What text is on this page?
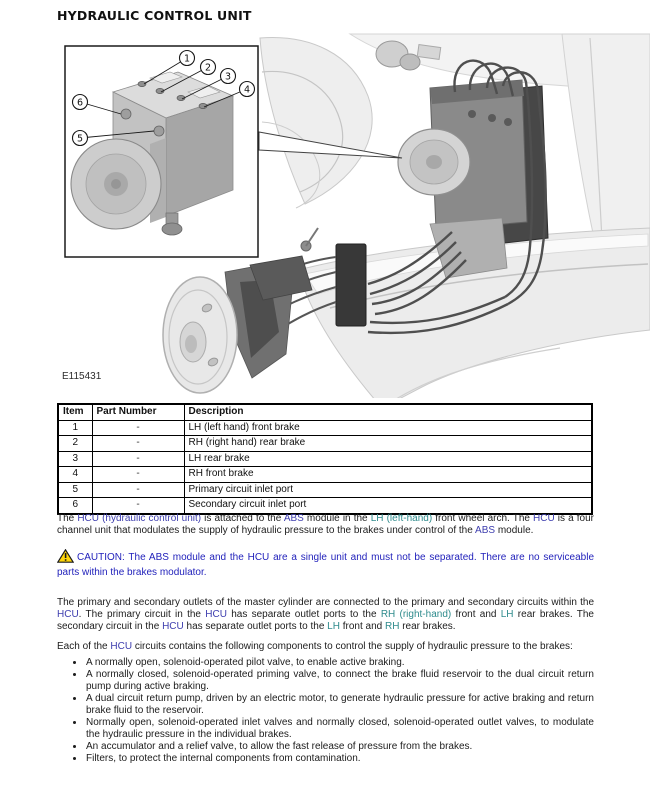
HYDRAULIC CONTROL UNIT
1
2
3
4
5
6
E115431
Item	Part Number	Description
1	-	LH (left hand) front brake
2	-	RH (right hand) rear brake
3	-	LH rear brake
4	-	RH front brake
5	-	Primary circuit inlet port
6	-	Secondary circuit inlet port
The HCU (hydraulic control unit) is attached to the ABS module in the LH (left-hand) front wheel arch. The HCU is a four channel unit that modulates the supply of hydraulic pressure to the brakes under control of the ABS module.
CAUTION: The ABS module and the HCU are a single unit and must not be separated. There are no serviceable parts within the brakes modulator.
The primary and secondary outlets of the master cylinder are connected to the primary and secondary circuits within the HCU. The primary circuit in the HCU has separate outlet ports to the RH (right-hand) front and LH rear brakes. The secondary circuit in the HCU has separate outlet ports to the LH front and RH rear brakes.
Each of the HCU circuits contains the following components to control the supply of hydraulic pressure to the brakes:
• A normally open, solenoid-operated pilot valve, to enable active braking.
• A normally closed, solenoid-operated priming valve, to connect the brake fluid reservoir to the dual circuit return pump during active braking.
• A dual circuit return pump, driven by an electric motor, to generate hydraulic pressure for active braking and return brake fluid to the reservoir.
• Normally open, solenoid-operated inlet valves and normally closed, solenoid-operated outlet valves, to modulate the hydraulic pressure in the individual brakes.
• An accumulator and a relief valve, to allow the fast release of pressure from the brakes.
• Filters, to protect the internal components from contamination.
